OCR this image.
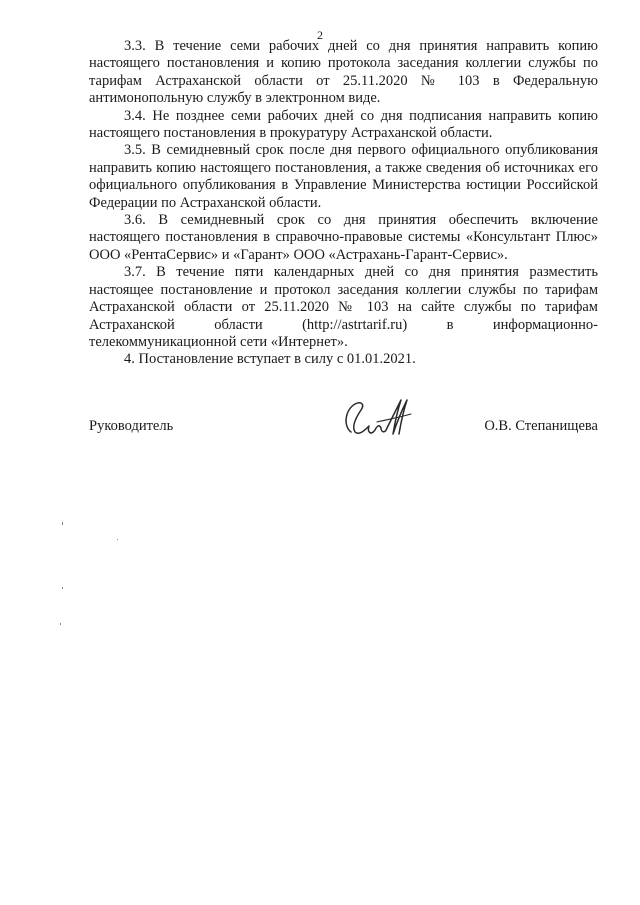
2

3.3. В течение семи рабочих дней со дня принятия направить копию настоящего постановления и копию протокола заседания коллегии службы по тарифам Астраханской области от 25.11.2020 № 103 в Федеральную антимонопольную службу в электронном виде.

3.4. Не позднее семи рабочих дней со дня подписания направить копию настоящего постановления в прокуратуру Астраханской области.

3.5. В семидневный срок после дня первого официального опубликования направить копию настоящего постановления, а также сведения об источниках его официального опубликования в Управление Министерства юстиции Российской Федерации по Астраханской области.

3.6. В семидневный срок со дня принятия обеспечить включение настоящего постановления в справочно-правовые системы «Консультант Плюс» ООО «РентаСервис» и «Гарант» ООО «Астрахань-Гарант-Сервис».

3.7. В течение пяти календарных дней со дня принятия разместить настоящее постановление и протокол заседания коллегии службы по тарифам Астраханской области от 25.11.2020 № 103 на сайте службы по тарифам Астраханской области (http://astrtarif.ru) в информационно-телекоммуникационной сети «Интернет».

4. Постановление вступает в силу с 01.01.2021.

Руководитель	О.В. Степанищева
